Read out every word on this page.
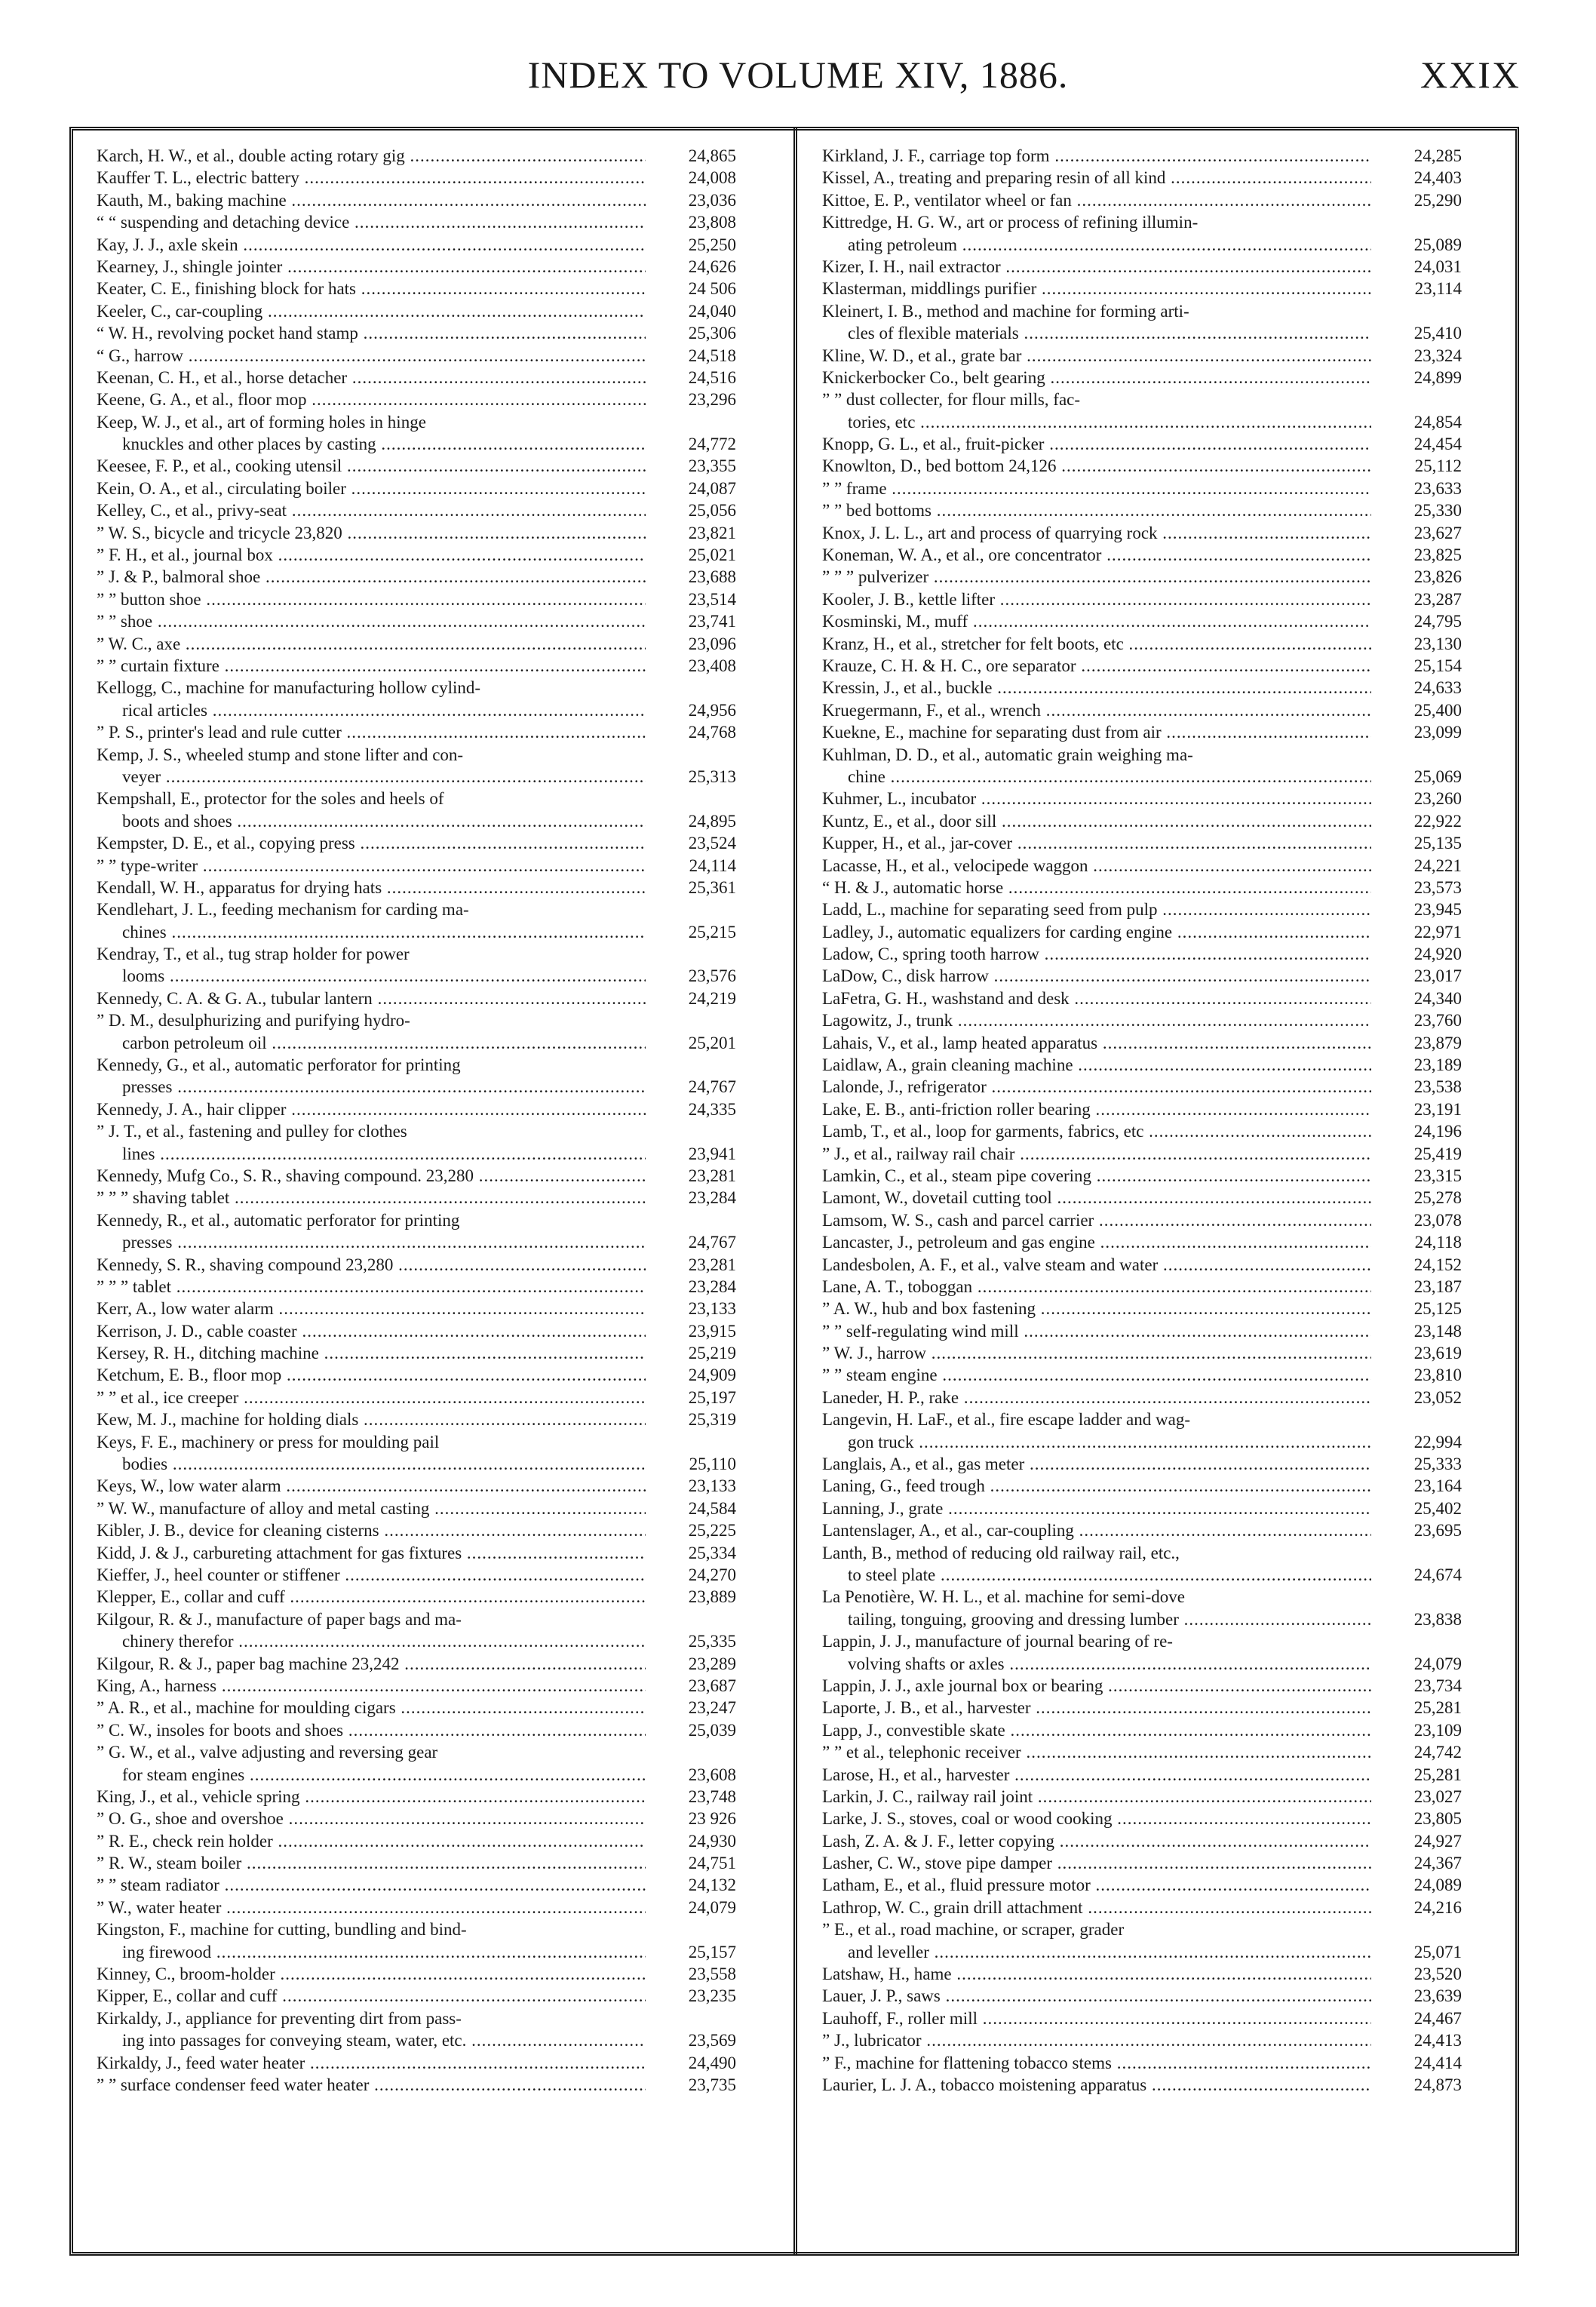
INDEX TO VOLUME XIV, 1886.	XXIX
Karch, H. W., et al., double acting rotary gig .....	24,865
Kauffer T. L., electric battery .....	24,008
Kauth, M., baking machine .....	23,036
“ “ suspending and detaching device .....	23,808
Kay, J. J., axle skein .....	25,250
Kearney, J., shingle jointer .....	24,626
Keater, C. E., finishing block for hats .....	24 506
Keeler, C., car-coupling .....	24,040
“ W. H., revolving pocket hand stamp .....	25,306
“ G., harrow .....	24,518
Keenan, C. H., et al., horse detacher .....	24,516
Keene, G. A., et al., floor mop .....	23,296
Keep, W. J., et al., art of forming holes in hinge
knuckles and other places by casting .....	24,772
Keesee, F. P., et al., cooking utensil .....	23,355
Kein, O. A., et al., circulating boiler .....	24,087
Kelley, C., et al., privy-seat .....	25,056
” W. S., bicycle and tricycle 23,820 .....	23,821
” F. H., et al., journal box .....	25,021
” J. & P., balmoral shoe .....	23,688
” ” button shoe .....	23,514
” ” shoe .....	23,741
” W. C., axe .....	23,096
” ” curtain fixture .....	23,408
Kellogg, C., machine for manufacturing hollow cylind-
rical articles .....	24,956
” P. S., printer's lead and rule cutter .....	24,768
Kemp, J. S., wheeled stump and stone lifter and con-
veyer .....	25,313
Kempshall, E., protector for the soles and heels of
boots and shoes .....	24,895
Kempster, D. E., et al., copying press .....	23,524
” ” type-writer .....	24,114
Kendall, W. H., apparatus for drying hats .....	25,361
Kendlehart, J. L., feeding mechanism for carding ma-
chines .....	25,215
Kendray, T., et al., tug strap holder for power
looms .....	23,576
Kennedy, C. A. & G. A., tubular lantern .....	24,219
” D. M., desulphurizing and purifying hydro-
carbon petroleum oil .....	25,201
Kennedy, G., et al., automatic perforator for printing
presses .....	24,767
Kennedy, J. A., hair clipper .....	24,335
” J. T., et al., fastening and pulley for clothes
lines .....	23,941
Kennedy, Mufg Co., S. R., shaving compound. 23,280 .....	23,281
” ” ” shaving tablet .....	23,284
Kennedy, R., et al., automatic perforator for printing
presses .....	24,767
Kennedy, S. R., shaving compound 23,280 .....	23,281
” ” ” tablet .....	23,284
Kerr, A., low water alarm .....	23,133
Kerrison, J. D., cable coaster .....	23,915
Kersey, R. H., ditching machine .....	25,219
Ketchum, E. B., floor mop .....	24,909
” ” et al., ice creeper .....	25,197
Kew, M. J., machine for holding dials .....	25,319
Keys, F. E., machinery or press for moulding pail
bodies .....	25,110
Keys, W., low water alarm .....	23,133
” W. W., manufacture of alloy and metal casting .....	24,584
Kibler, J. B., device for cleaning cisterns .....	25,225
Kidd, J. & J., carbureting attachment for gas fixtures .....	25,334
Kieffer, J., heel counter or stiffener .....	24,270
Klepper, E., collar and cuff .....	23,889
Kilgour, R. & J., manufacture of paper bags and ma-
chinery therefor .....	25,335
Kilgour, R. & J., paper bag machine 23,242 .....	23,289
King, A., harness .....	23,687
” A. R., et al., machine for moulding cigars .....	23,247
” C. W., insoles for boots and shoes .....	25,039
” G. W., et al., valve adjusting and reversing gear
for steam engines .....	23,608
King, J., et al., vehicle spring .....	23,748
” O. G., shoe and overshoe .....	23 926
” R. E., check rein holder .....	24,930
” R. W., steam boiler .....	24,751
” ” steam radiator .....	24,132
” W., water heater .....	24,079
Kingston, F., machine for cutting, bundling and bind-
ing firewood .....	25,157
Kinney, C., broom-holder .....	23,558
Kipper, E., collar and cuff .....	23,235
Kirkaldy, J., appliance for preventing dirt from pass-
ing into passages for conveying steam, water, etc. .....	23,569
Kirkaldy, J., feed water heater .....	24,490
” ” surface condenser feed water heater .....	23,735
Kirkland, J. F., carriage top form .....	24,285
Kissel, A., treating and preparing resin of all kind .....	24,403
Kittoe, E. P., ventilator wheel or fan .....	25,290
Kittredge, H. G. W., art or process of refining illumin-
ating petroleum .....	25,089
Kizer, I. H., nail extractor .....	24,031
Klasterman, middlings purifier .....	23,114
Kleinert, I. B., method and machine for forming arti-
cles of flexible materials .....	25,410
Kline, W. D., et al., grate bar .....	23,324
Knickerbocker Co., belt gearing .....	24,899
” ” dust collecter, for flour mills, fac-
tories, etc .....	24,854
Knopp, G. L., et al., fruit-picker .....	24,454
Knowlton, D., bed bottom 24,126 .....	25,112
” ” frame .....	23,633
” ” bed bottoms .....	25,330
Knox, J. L. L., art and process of quarrying rock .....	23,627
Koneman, W. A., et al., ore concentrator .....	23,825
” ” ” pulverizer .....	23,826
Kooler, J. B., kettle lifter .....	23,287
Kosminski, M., muff .....	24,795
Kranz, H., et al., stretcher for felt boots, etc .....	23,130
Krauze, C. H. & H. C., ore separator .....	25,154
Kressin, J., et al., buckle .....	24,633
Kruegermann, F., et al., wrench .....	25,400
Kuekne, E., machine for separating dust from air .....	23,099
Kuhlman, D. D., et al., automatic grain weighing ma-
chine .....	25,069
Kuhmer, L., incubator .....	23,260
Kuntz, E., et al., door sill .....	22,922
Kupper, H., et al., jar-cover .....	25,135
Lacasse, H., et al., velocipede waggon .....	24,221
“ H. & J., automatic horse .....	23,573
Ladd, L., machine for separating seed from pulp .....	23,945
Ladley, J., automatic equalizers for carding engine .....	22,971
Ladow, C., spring tooth harrow .....	24,920
LaDow, C., disk harrow .....	23,017
LaFetra, G. H., washstand and desk .....	24,340
Lagowitz, J., trunk .....	23,760
Lahais, V., et al., lamp heated apparatus .....	23,879
Laidlaw, A., grain cleaning machine .....	23,189
Lalonde, J., refrigerator .....	23,538
Lake, E. B., anti-friction roller bearing .....	23,191
Lamb, T., et al., loop for garments, fabrics, etc .....	24,196
” J., et al., railway rail chair .....	25,419
Lamkin, C., et al., steam pipe covering .....	23,315
Lamont, W., dovetail cutting tool .....	25,278
Lamsom, W. S., cash and parcel carrier .....	23,078
Lancaster, J., petroleum and gas engine .....	24,118
Landesbolen, A. F., et al., valve steam and water .....	24,152
Lane, A. T., toboggan .....	23,187
” A. W., hub and box fastening .....	25,125
” ” self-regulating wind mill .....	23,148
” W. J., harrow .....	23,619
” ” steam engine .....	23,810
Laneder, H. P., rake .....	23,052
Langevin, H. LaF., et al., fire escape ladder and wag-
gon truck .....	22,994
Langlais, A., et al., gas meter .....	25,333
Laning, G., feed trough .....	23,164
Lanning, J., grate .....	25,402
Lantenslager, A., et al., car-coupling .....	23,695
Lanth, B., method of reducing old railway rail, etc.,
to steel plate .....	24,674
La Penotière, W. H. L., et al. machine for semi-dove
tailing, tonguing, grooving and dressing lumber .....	23,838
Lappin, J. J., manufacture of journal bearing of re-
volving shafts or axles .....	24,079
Lappin, J. J., axle journal box or bearing .....	23,734
Laporte, J. B., et al., harvester .....	25,281
Lapp, J., convestible skate .....	23,109
” ” et al., telephonic receiver .....	24,742
Larose, H., et al., harvester .....	25,281
Larkin, J. C., railway rail joint .....	23,027
Larke, J. S., stoves, coal or wood cooking .....	23,805
Lash, Z. A. & J. F., letter copying .....	24,927
Lasher, C. W., stove pipe damper .....	24,367
Latham, E., et al., fluid pressure motor .....	24,089
Lathrop, W. C., grain drill attachment .....	24,216
” E., et al., road machine, or scraper, grader
and leveller .....	25,071
Latshaw, H., hame .....	23,520
Lauer, J. P., saws .....	23,639
Lauhoff, F., roller mill .....	24,467
” J., lubricator .....	24,413
” F., machine for flattening tobacco stems .....	24,414
Laurier, L. J. A., tobacco moistening apparatus .....	24,873
